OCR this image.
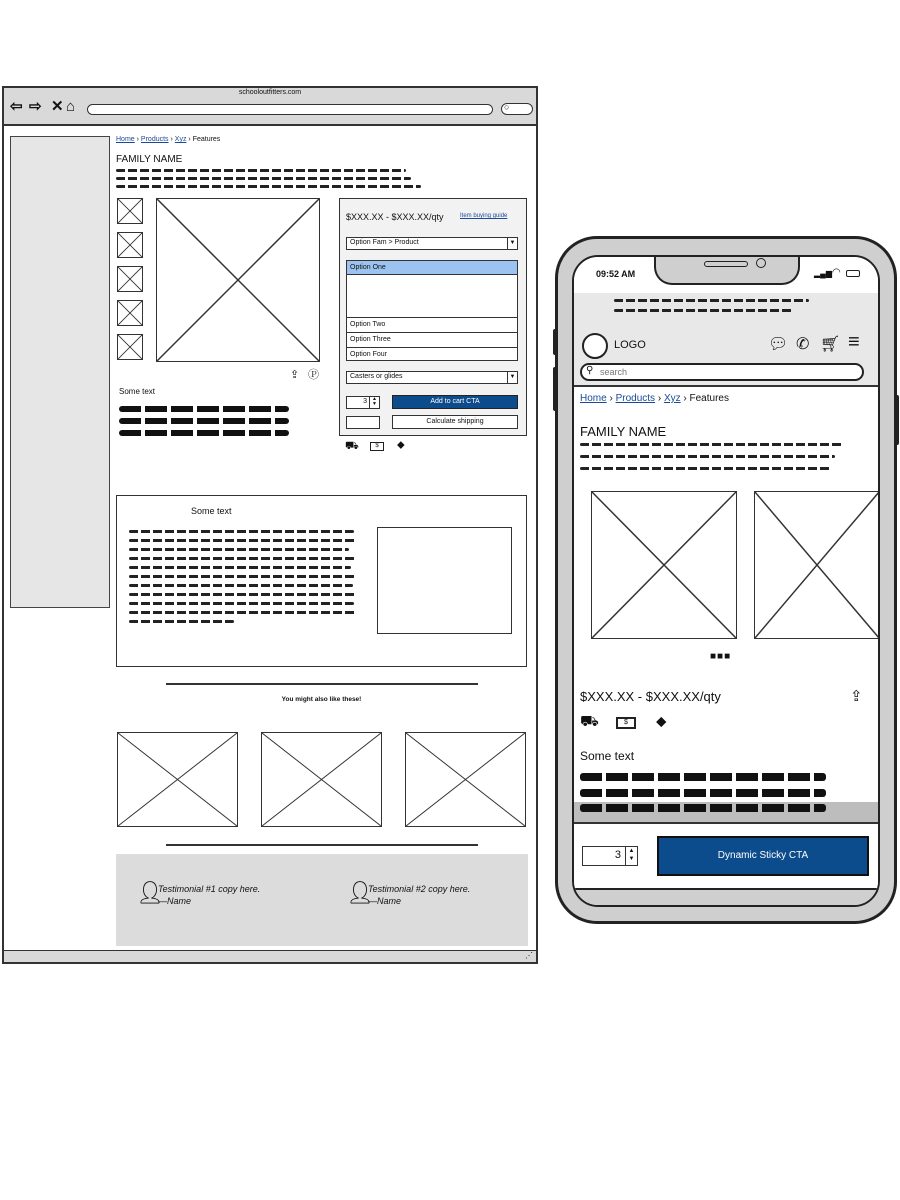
schooloutfitters.com
⇦ ⇨ ✕ ⌂	○
Home › Products › Xyz › Features
FAMILY NAME
⇪ Ⓟ
Some text
$XXX.XX - $XXX.XX/qty	Item buying guide
Option Fam > Product	▼
Option One
Option Two
Option Three
Option Four
Casters or glides	▼
3	▲
▼	Add to cart CTA
Calculate shipping
⛟	$	⬥
Some text
You might also like these!
👤︎
Testimonial #1 copy here.
—Name	👤︎
Testimonial #2 copy here.
—Name
⋰
09:52 AM	▂▄▆ ◠
LOGO	💬︎ ✆ 🛒︎ ≡
⚲ search
Home › Products › Xyz › Features
FAMILY NAME
■■■
$XXX.XX - $XXX.XX/qty	⇪
⛟	$	⬥
Some text
3	▲
▼	Dynamic Sticky CTA
